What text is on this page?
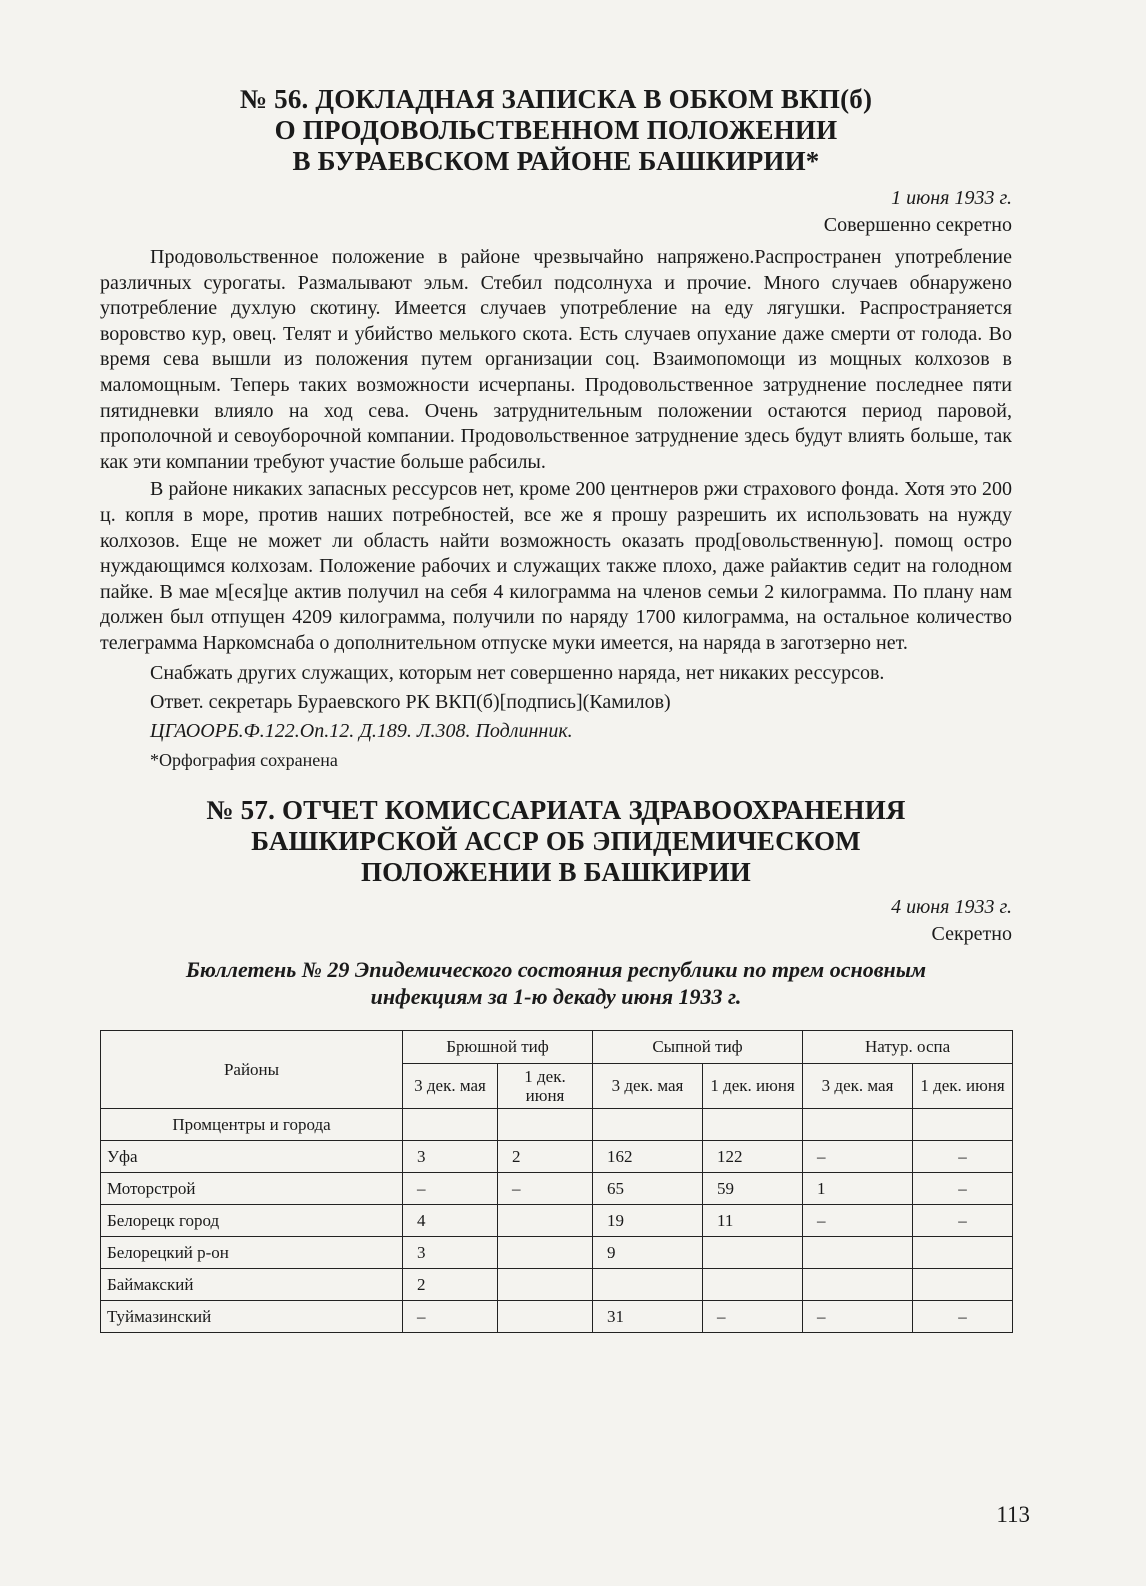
№ 56. ДОКЛАДНАЯ ЗАПИСКА В ОБКОМ ВКП(б)
О ПРОДОВОЛЬСТВЕННОМ ПОЛОЖЕНИИ
В БУРАЕВСКОМ РАЙОНЕ БАШКИРИИ*
1 июня 1933 г.
Совершенно секретно

Продовольственное положение в районе чрезвычайно напряжено.Распространен употребление различных сурогаты. Размалывают эльм. Стебил подсолнуха и прочие. Много случаев обнаружено употребление духлую скотину. Имеется случаев употребление на еду лягушки. Распространяется воровство кур, овец. Телят и убийство мелького скота. Есть случаев опухание даже смерти от голода. Во время сева вышли из положения путем организации соц. Взаимопомощи из мощных колхозов в маломощным. Теперь таких возможности исчерпаны. Продовольственное затруднение последнее пяти пятидневки влияло на ход сева. Очень затруднительным положении остаются период паровой, прополочной и севоуборочной компании. Продовольственное затруднение здесь будут влиять больше, так как эти компании требуют участие больше рабсилы.

В районе никаких запасных рессурсов нет, кроме 200 центнеров ржи страхового фонда. Хотя это 200 ц. копля в море, против наших потребностей, все же я прошу разрешить их использовать на нужду колхозов. Еще не может ли область найти возможность оказать прод[овольственную]. помощ остро нуждающимся колхозам. Положение рабочих и служащих также плохо, даже райактив седит на голодном пайке. В мае м[еся]це актив получил на себя 4 килограмма на членов семьи 2 килограмма. По плану нам должен был отпущен 4209 килограмма, получили по наряду 1700 килограмма, на остальное количество телеграмма Наркомснаба о дополнительном отпуске муки имеется, на наряда в заготзерно нет.

Снабжать других служащих, которым нет совершенно наряда, нет никаких рессурсов.
Ответ. секретарь Бураевского РК ВКП(б)[подпись](Камилов)
ЦГАООРБ.Ф.122.Оп.12. Д.189. Л.308. Подлинник.
*Орфография сохранена
№ 57. ОТЧЕТ КОМИССАРИАТА ЗДРАВООХРАНЕНИЯ
БАШКИРСКОЙ АССР ОБ ЭПИДЕМИЧЕСКОМ
ПОЛОЖЕНИИ В БАШКИРИИ
4 июня 1933 г.
Секретно
Бюллетень № 29 Эпидемического состояния республики по трем основным
инфекциям за 1-ю декаду июня 1933 г.
Районы	Брюшной тиф		Сыпной тиф		Натур. оспа	
	3 дек. мая	1 дек. июня	3 дек. мая	1 дек. июня	3 дек. мая	1 дек. июня
Промцентры и города						
Уфа	3	2	162	122	–	–
Моторстрой	–	–	65	59	1	–
Белорецк город	4		19	11	–	–
Белорецкий р-он	3		9			
Баймакский	2					
Туймазинский	–		31	–	–	–
113
